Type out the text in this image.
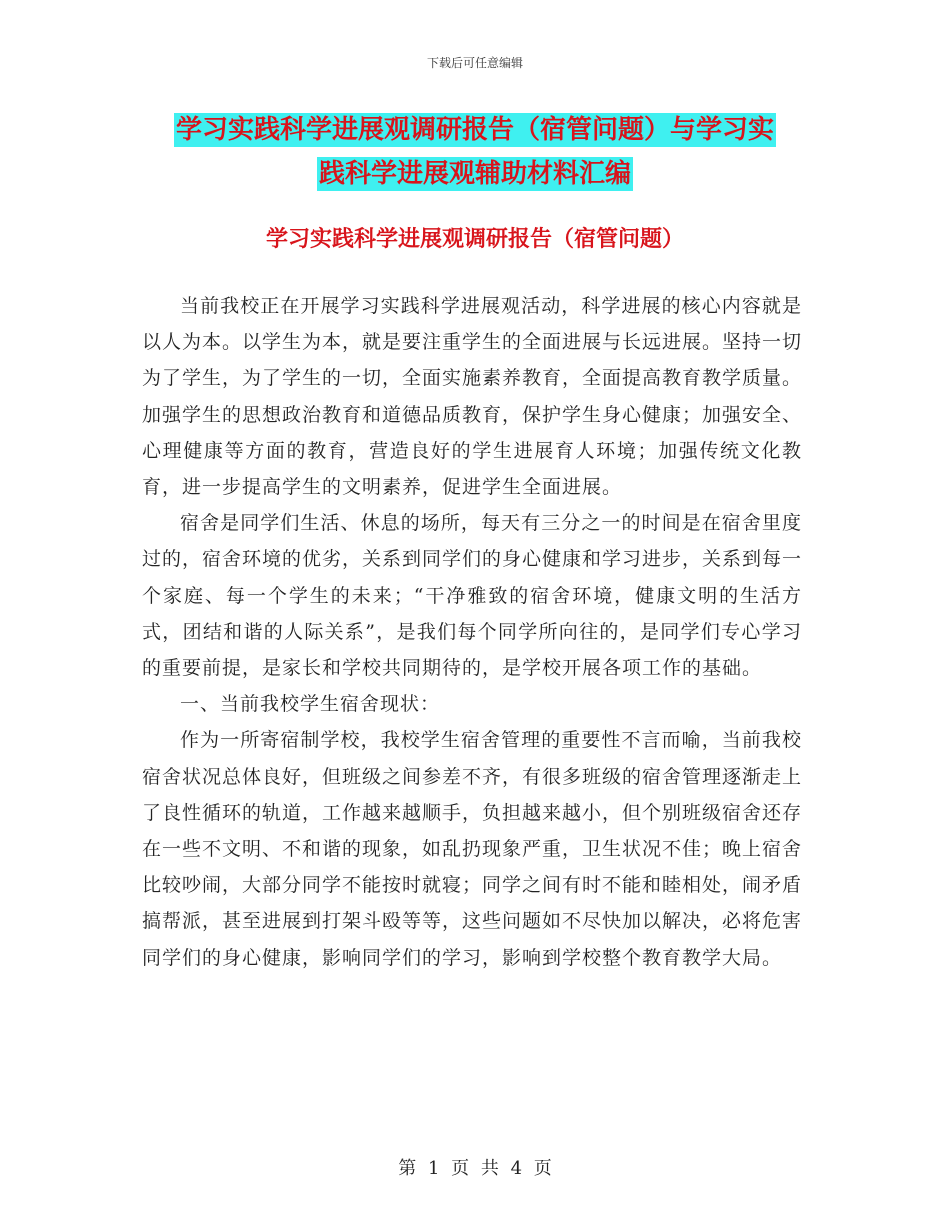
下载后可任意编辑
学习实践科学进展观调研报告（宿管问题）与学习实
践科学进展观辅助材料汇编
学习实践科学进展观调研报告（宿管问题）

当前我校正在开展学习实践科学进展观活动，科学进展的核心内容就是以人为本。以学生为本，就是要注重学生的全面进展与长远进展。坚持一切为了学生，为了学生的一切，全面实施素养教育，全面提高教育教学质量。加强学生的思想政治教育和道德品质教育，保护学生身心健康；加强安全、心理健康等方面的教育，营造良好的学生进展育人环境；加强传统文化教育，进一步提高学生的文明素养，促进学生全面进展。

宿舍是同学们生活、休息的场所，每天有三分之一的时间是在宿舍里度过的，宿舍环境的优劣，关系到同学们的身心健康和学习进步，关系到每一个家庭、每一个学生的未来；“干净雅致的宿舍环境，健康文明的生活方式，团结和谐的人际关系”，是我们每个同学所向往的，是同学们专心学习的重要前提，是家长和学校共同期待的，是学校开展各项工作的基础。

一、当前我校学生宿舍现状：

作为一所寄宿制学校，我校学生宿舍管理的重要性不言而喻，当前我校宿舍状况总体良好，但班级之间参差不齐，有很多班级的宿舍管理逐渐走上了良性循环的轨道，工作越来越顺手，负担越来越小，但个别班级宿舍还存在一些不文明、不和谐的现象，如乱扔现象严重，卫生状况不佳；晚上宿舍比较吵闹，大部分同学不能按时就寝；同学之间有时不能和睦相处，闹矛盾搞帮派，甚至进展到打架斗殴等等，这些问题如不尽快加以解决，必将危害同学们的身心健康，影响同学们的学习，影响到学校整个教育教学大局。

第 1 页 共 4 页
